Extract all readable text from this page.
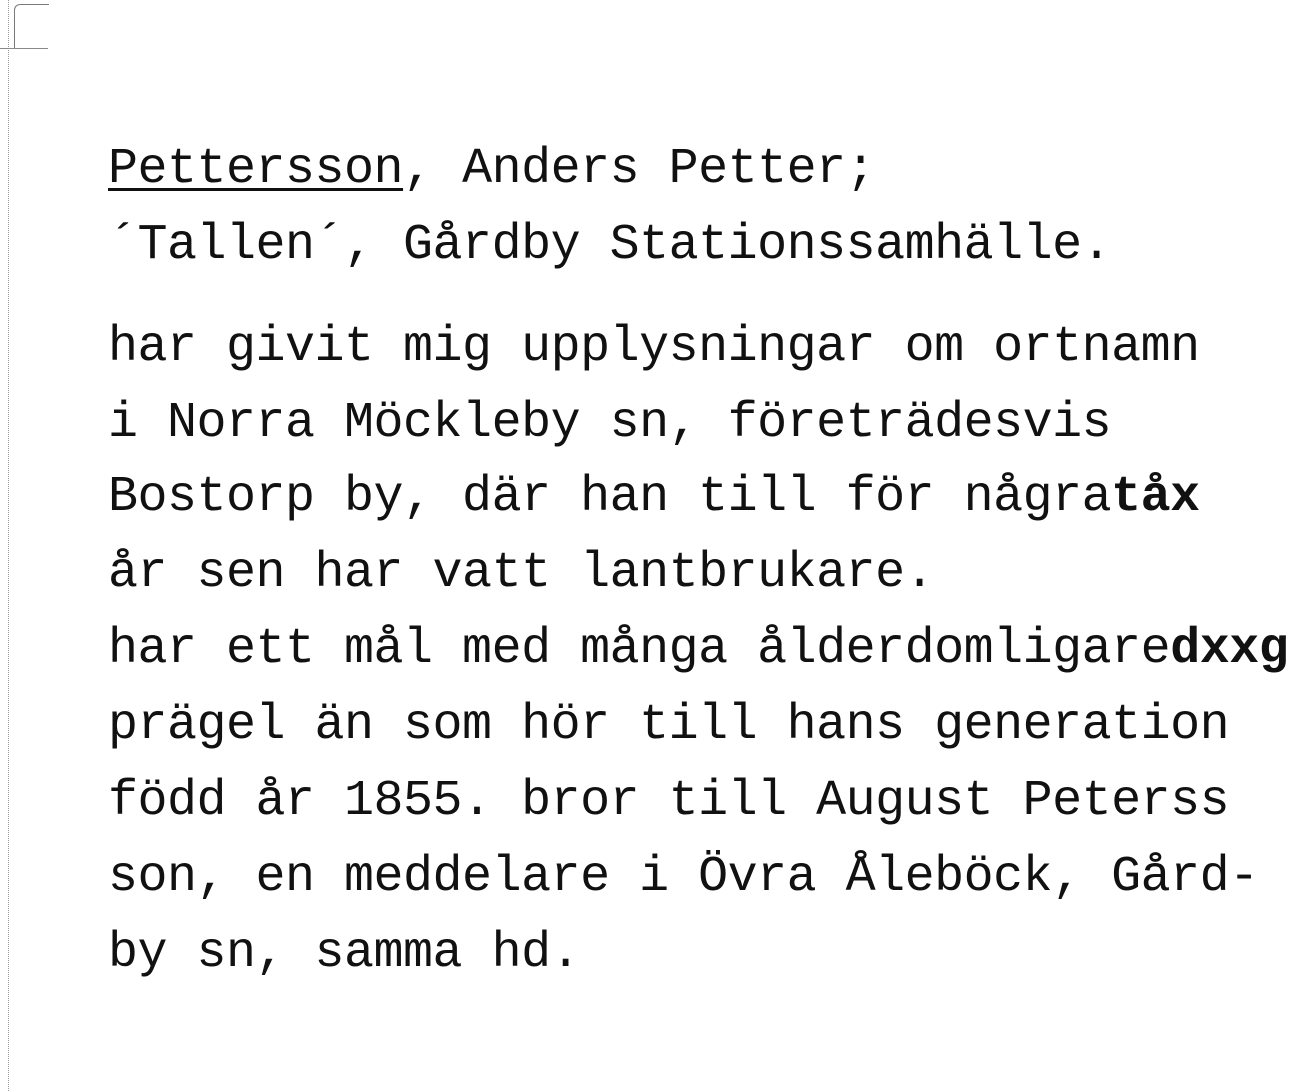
Pettersson, Anders Petter;
´Tallen´, Gårdby Stationssamhälle.
har givit mig upplysningar om ortnamn
i Norra Möckleby sn, företrädesvis
Bostorp by, där han till för någratåx
år sen har vatt lantbrukare.
har ett mål med många ålderdomligaredxxg
prägel än som hör till hans generation
född år 1855. bror till August Peterss
son, en meddelare i Övra Åleböck, Gård-
by sn, samma hd.
